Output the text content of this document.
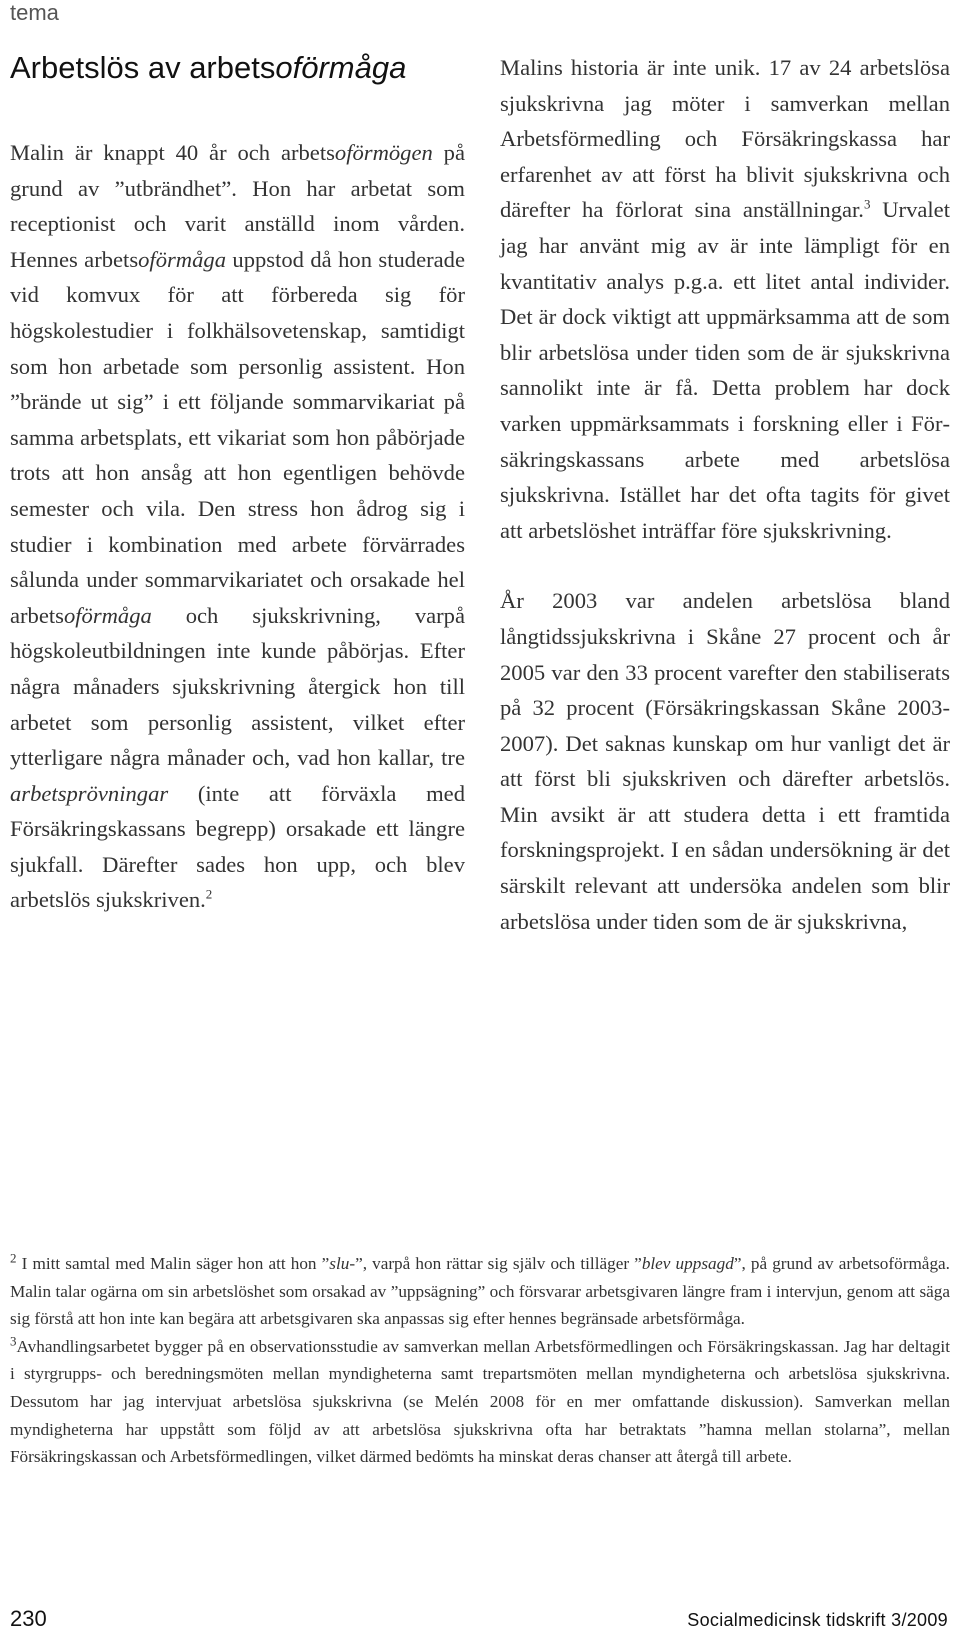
tema
Arbetslös av arbetsoförmåga

Malin är knappt 40 år och arbetsoförmögen på grund av ”utbrändhet”. Hon har arbetat som receptionist och varit anställd inom vården. Hennes arbetsoförmåga uppstod då hon studerade vid komvux för att förbereda sig för högskolestudier i folkhälsovetenskap, samtidigt som hon arbetade som personlig assistent. Hon ”brände ut sig” i ett följande sommarvikariat på samma arbetsplats, ett vikariat som hon påbörjade trots att hon ansåg att hon egentligen behövde semester och vila. Den stress hon ådrog sig i studier i kombination med arbete förvärrades sålunda under sommarvikariatet och orsakade hel arbetsoförmåga och sjukskrivning, varpå högskoleutbildningen inte kunde påbörjas. Efter några månaders sjukskrivning återgick hon till arbetet som personlig assistent, vilket efter ytterligare några månader och, vad hon kallar, tre arbetsprövningar (inte att förväxla med Försäkringskassans begrepp) orsakade ett längre sjukfall. Därefter sades hon upp, och blev arbetslös sjukskriven.$^2$

Malins historia är inte unik. 17 av 24 arbetslösa sjukskrivna jag möter i samverkan mellan Arbetsförmedling och Försäkringskassa har erfarenhet av att först ha blivit sjukskrivna och därefter ha förlorat sina anställningar.$^3$ Urvalet jag har använt mig av är inte lämpligt för en kvantitativ analys p.g.a. ett litet antal individer. Det är dock viktigt att uppmärksamma att de som blir arbetslösa under tiden som de är sjukskrivna sannolikt inte är få. Detta problem har dock varken uppmärksammats i forskning eller i Försäkringskassans arbete med arbetslösa sjukskrivna. Istället har det ofta tagits för givet att arbetslöshet inträffar före sjukskrivning.

År 2003 var andelen arbetslösa bland långtidssjukskrivna i Skåne 27 procent och år 2005 var den 33 procent varefter den stabiliserats på 32 procent (Försäkringskassan Skåne 2003-2007). Det saknas kunskap om hur vanligt det är att först bli sjukskriven och därefter arbetslös. Min avsikt är att studera detta i ett framtida forskningsprojekt. I en sådan undersökning är det särskilt relevant att undersöka andelen som blir arbetslösa under tiden som de är sjukskrivna,

$^2$ I mitt samtal med Malin säger hon att hon ”slu-”, varpå hon rättar sig själv och tilläger ”blev uppsagd”, på grund av arbetsoförmåga. Malin talar ogärna om sin arbetslöshet som orsakad av ”uppsägning” och försvarar arbetsgivaren längre fram i intervjun, genom att säga sig förstå att hon inte kan begära att arbetsgivaren ska anpassas sig efter hennes begränsade arbetsförmåga.

$^3$Avhandlingsarbetet bygger på en observationsstudie av samverkan mellan Arbetsförmedlingen och Försäkringskassan. Jag har deltagit i styrgrupps- och beredningsmöten mellan myndigheterna samt trepartsmöten mellan myndigheterna och arbetslösa sjukskrivna. Dessutom har jag intervjuat arbetslösa sjukskrivna (se Melén 2008 för en mer omfattande diskussion). Samverkan mellan myndigheterna har uppstått som följd av att arbetslösa sjukskrivna ofta har betraktats ”hamna mellan stolarna”, mellan Försäkringskassan och Arbetsförmedlingen, vilket därmed bedömts ha minskat deras chanser att återgå till arbete.

230	Socialmedicinsk tidskrift 3/2009
